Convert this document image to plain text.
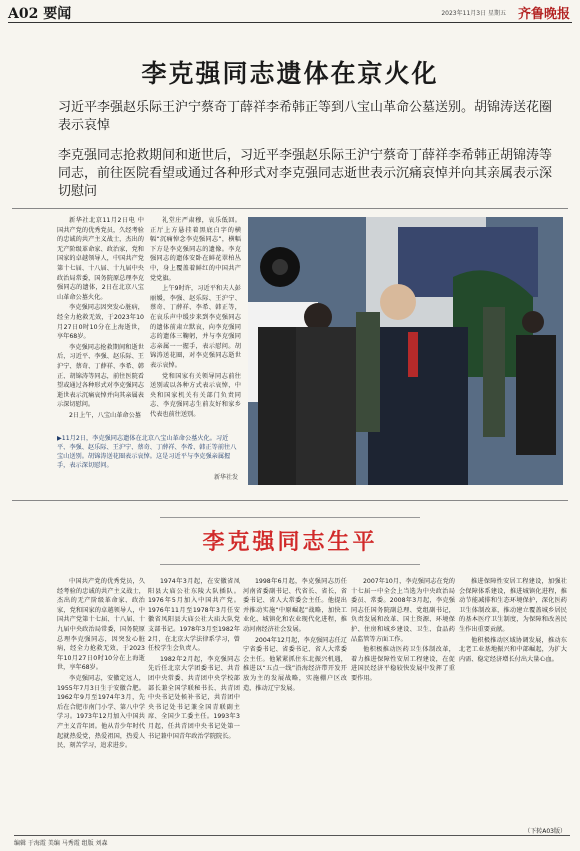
A02 要闻	2023年11月3日 星期五 齐鲁晚报
李克强同志遗体在京火化
习近平李强赵乐际王沪宁蔡奇丁薛祥李希韩正等到八宝山革命公墓送别。胡锦涛送花圈表示哀悼
李克强同志抢救期间和逝世后，习近平李强赵乐际王沪宁蔡奇丁薛祥李希韩正胡锦涛等同志，前往医院看望或通过各种形式对李克强同志逝世表示沉痛哀悼并向其亲属表示深切慰问

新华社北京11月2日电 中国共产党的优秀党员，久经考验的忠诚的共产主义战士，杰出的无产阶级革命家、政治家，党和国家的卓越领导人，中国共产党第十七届、十八届、十九届中央政治局常委，国务院原总理李克强同志的遗体，2日在北京八宝山革命公墓火化。

李克强同志因突发心脏病，经全力抢救无效，于2023年10月27日0时10分在上海逝世，享年68岁。

李克强同志抢救期间和逝世后，习近平、李强、赵乐际、王沪宁、蔡奇、丁薛祥、李希、韩正、胡锦涛等同志，前往医院看望或通过各种形式对李克强同志逝世表示沉痛哀悼并向其亲属表示深切慰问。

2日上午，八宝山革命公墓

礼堂庄严肃穆，哀乐低回。正厅上方悬挂着黑底白字的横幅“沉痛悼念李克强同志”，横幅下方是李克强同志的遗像。李克强同志的遗体安卧在鲜花翠柏丛中，身上覆盖着鲜红的中国共产党党旗。

上午9时许，习近平和夫人彭丽媛，李强、赵乐际、王沪宁、蔡奇、丁薛祥、李希、韩正等，在哀乐声中缓步来到李克强同志的遗体前肃立默哀，向李克强同志的遗体三鞠躬，并与李克强同志亲属一一握手，表示慰问。胡锦涛送花圈，对李克强同志逝世表示哀悼。

党和国家有关领导同志前往送别或以各种方式表示哀悼，中央和国家机关有关部门负责同志、李克强同志生前友好和家乡代表也前往送别。

▶11月2日，李克强同志遗体在北京八宝山革命公墓火化。习近平、李强、赵乐际、王沪宁、蔡奇、丁薛祥、李希、韩正等前往八宝山送别。胡锦涛送花圈表示哀悼。这是习近平与李克强亲属握手，表示深切慰问。
新华社发
李克强同志生平

中国共产党的优秀党员，久经考验的忠诚的共产主义战士，杰出的无产阶级革命家、政治家，党和国家的卓越领导人，中国共产党第十七届、十八届、十九届中央政治局常委，国务院原总理李克强同志，因突发心脏病，经全力抢救无效，于2023年10月27日0时10分在上海逝世，享年68岁。

李克强同志，安徽定远人，1955年7月3日生于安徽合肥。1962年9月至1974年3月，先后在合肥市南门小学、第八中学学习。1973年12月加入中国共产主义青年团。他从青少年时代起就热爱党，热爱祖国，热爱人民，刻苦学习，追求进步。

1974年3月起，在安徽省凤阳县大庙公社东陵大队插队。1976年5月加入中国共产党。1976年11月至1978年3月任安徽省凤阳县大庙公社大庙大队党支部书记。1978年3月至1982年2月，在北京大学法律系学习，曾任校学生会负责人。

1982年2月起，李克强同志先后任北京大学团委书记、共青团中央常委、共青团中央学校部部长兼全国学联秘书长、共青团中央书记处候补书记，共青团中央书记处书记兼全国青联副主席、全国少工委主任。1993年3月起，任共青团中央书记处第一书记兼中国青年政治学院院长。

1998年6月起，李克强同志历任河南省委副书记、代省长、省长，省委书记、省人大常委会主任。他提出并推动实施“中原崛起”战略，加快工业化、城镇化和农业现代化进程，推动河南经济社会发展。

2004年12月起，李克强同志任辽宁省委书记、省委书记、省人大常委会主任。他紧紧抓住东北振兴机遇，推进以“五点一线”沿海经济带开发开放为主的发展战略，实施棚户区改造，推动辽宁发展。

2007年10月，李克强同志在党的十七届一中全会上当选为中央政治局委员、常委。2008年3月起，李克强同志任国务院副总理、党组副书记，负责发展和改革、国土资源、环境保护、住房和城乡建设、卫生、食品药品监管等方面工作。

他积极推动医药卫生体制改革，着力推进保障性安居工程建设，在促进国民经济平稳较快发展中发挥了重要作用。

推进保障性安居工程建设，加强社会保障体系建设，推进城镇化进程，推动节能减排和生态环境保护，深化医药卫生体制改革，推动建立覆盖城乡居民的基本医疗卫生制度，为保障和改善民生作出重要贡献。

他积极推动区域协调发展，推动东北老工业基地振兴和中部崛起，为扩大内需、稳定经济增长付出大量心血。

（下转A03版）
编辑 于海霞 美编 马秀霞 组版 刘森
